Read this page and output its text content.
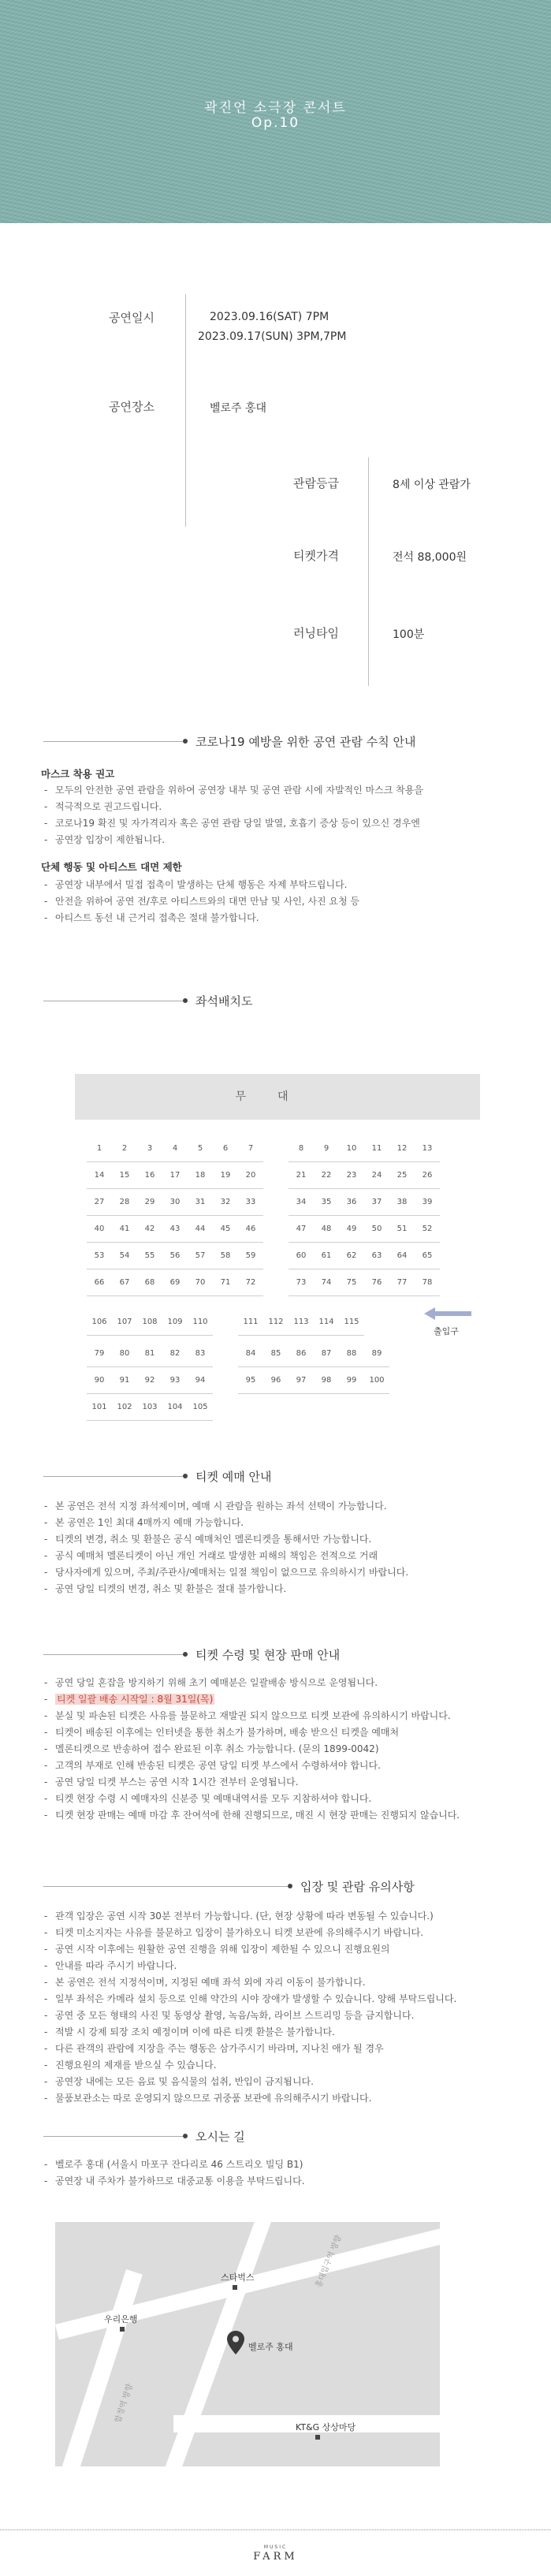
곽진언 소극장 콘서트
Op.10
공연일시	2023.09.16(SAT) 7PM
2023.09.17(SUN) 3PM,7PM
공연장소	벨로주 홍대
관람등급	8세 이상 관람가
티켓가격	전석 88,000원
러닝타임	100분
코로나19 예방을 위한 공연 관람 수칙 안내
마스크 착용 권고
- 모두의 안전한 공연 관람을 위하여 공연장 내부 및 공연 관람 시에 자발적인 마스크 착용을
- 적극적으로 권고드립니다.
- 코로나19 확진 및 자가격리자 혹은 공연 관람 당일 발열, 호흡기 증상 등이 있으신 경우엔
- 공연장 입장이 제한됩니다.
단체 행동 및 아티스트 대면 제한
- 공연장 내부에서 밀접 접촉이 발생하는 단체 행동은 자제 부탁드립니다.
- 안전을 위하여 공연 전/후로 아티스트와의 대면 만남 및 사인, 사진 요청 등
- 아티스트 동선 내 근거리 접촉은 절대 불가합니다.
좌석배치도
무대
1	2	3	4	5	6	7	8	9	10	11	12	13
14	15	16	17	18	19	20	21	22	23	24	25	26
27	28	29	30	31	32	33	34	35	36	37	38	39
40	41	42	43	44	45	46	47	48	49	50	51	52
53	54	55	56	57	58	59	60	61	62	63	64	65
66	67	68	69	70	71	72	73	74	75	76	77	78
106	107	108	109	110	111	112	113	114	115
출입구
79	80	81	82	83	84	85	86	87	88	89
90	91	92	93	94	95	96	97	98	99	100
101	102	103	104	105
티켓 예매 안내
- 본 공연은 전석 지정 좌석제이며, 예매 시 관람을 원하는 좌석 선택이 가능합니다.
- 본 공연은 1인 최대 4매까지 예매 가능합니다.
- 티켓의 변경, 취소 및 환불은 공식 예매처인 멜론티켓을 통해서만 가능합니다.
- 공식 예매처 멜론티켓이 아닌 개인 거래로 발생한 피해의 책임은 전적으로 거래
- 당사자에게 있으며, 주최/주관사/예매처는 일절 책임이 없으므로 유의하시기 바랍니다.
- 공연 당일 티켓의 변경, 취소 및 환불은 절대 불가합니다.
티켓 수령 및 현장 판매 안내
- 공연 당일 혼잡을 방지하기 위해 초기 예매분은 일괄배송 방식으로 운영됩니다.
- 티켓 일괄 배송 시작일 : 8월 31일(목)
- 분실 및 파손된 티켓은 사유를 불문하고 재발권 되지 않으므로 티켓 보관에 유의하시기 바랍니다.
- 티켓이 배송된 이후에는 인터넷을 통한 취소가 불가하며, 배송 받으신 티켓을 예매처
- 멜론티켓으로 반송하여 접수 완료된 이후 취소 가능합니다. (문의 1899-0042)
- 고객의 부재로 인해 반송된 티켓은 공연 당일 티켓 부스에서 수령하셔야 합니다.
- 공연 당일 티켓 부스는 공연 시작 1시간 전부터 운영됩니다.
- 티켓 현장 수령 시 예매자의 신분증 및 예매내역서를 모두 지참하셔야 합니다.
- 티켓 현장 판매는 예매 마감 후 잔여석에 한해 진행되므로, 매진 시 현장 판매는 진행되지 않습니다.
입장 및 관람 유의사항
- 관객 입장은 공연 시작 30분 전부터 가능합니다. (단, 현장 상황에 따라 변동될 수 있습니다.)
- 티켓 미소지자는 사유를 불문하고 입장이 불가하오니 티켓 보관에 유의해주시기 바랍니다.
- 공연 시작 이후에는 원활한 공연 진행을 위해 입장이 제한될 수 있으니 진행요원의
- 안내를 따라 주시기 바랍니다.
- 본 공연은 전석 지정석이며, 지정된 예매 좌석 외에 자리 이동이 불가합니다.
- 일부 좌석은 카메라 설치 등으로 인해 약간의 시야 장애가 발생할 수 있습니다. 양해 부탁드립니다.
- 공연 중 모든 형태의 사진 및 동영상 촬영, 녹음/녹화, 라이브 스트리밍 등을 금지합니다.
- 적발 시 강제 퇴장 조치 예정이며 이에 따른 티켓 환불은 불가합니다.
- 다른 관객의 관람에 지장을 주는 행동은 삼가주시기 바라며, 지나친 애가 될 경우
- 진행요원의 제재를 받으실 수 있습니다.
- 공연장 내에는 모든 음료 및 음식물의 섭취, 반입이 금지됩니다.
- 물품보관소는 따로 운영되지 않으므로 귀중품 보관에 유의해주시기 바랍니다.
오시는 길
- 벨로주 홍대 (서울시 마포구 잔다리로 46 스트리오 빌딩 B1)
- 공연장 내 주차가 불가하므로 대중교통 이용을 부탁드립니다.
홍대입구역 방향
합정역 방향
스타벅스
우리은행
벨로주 홍대
KT&G 상상마당
MUSIC
FARM
